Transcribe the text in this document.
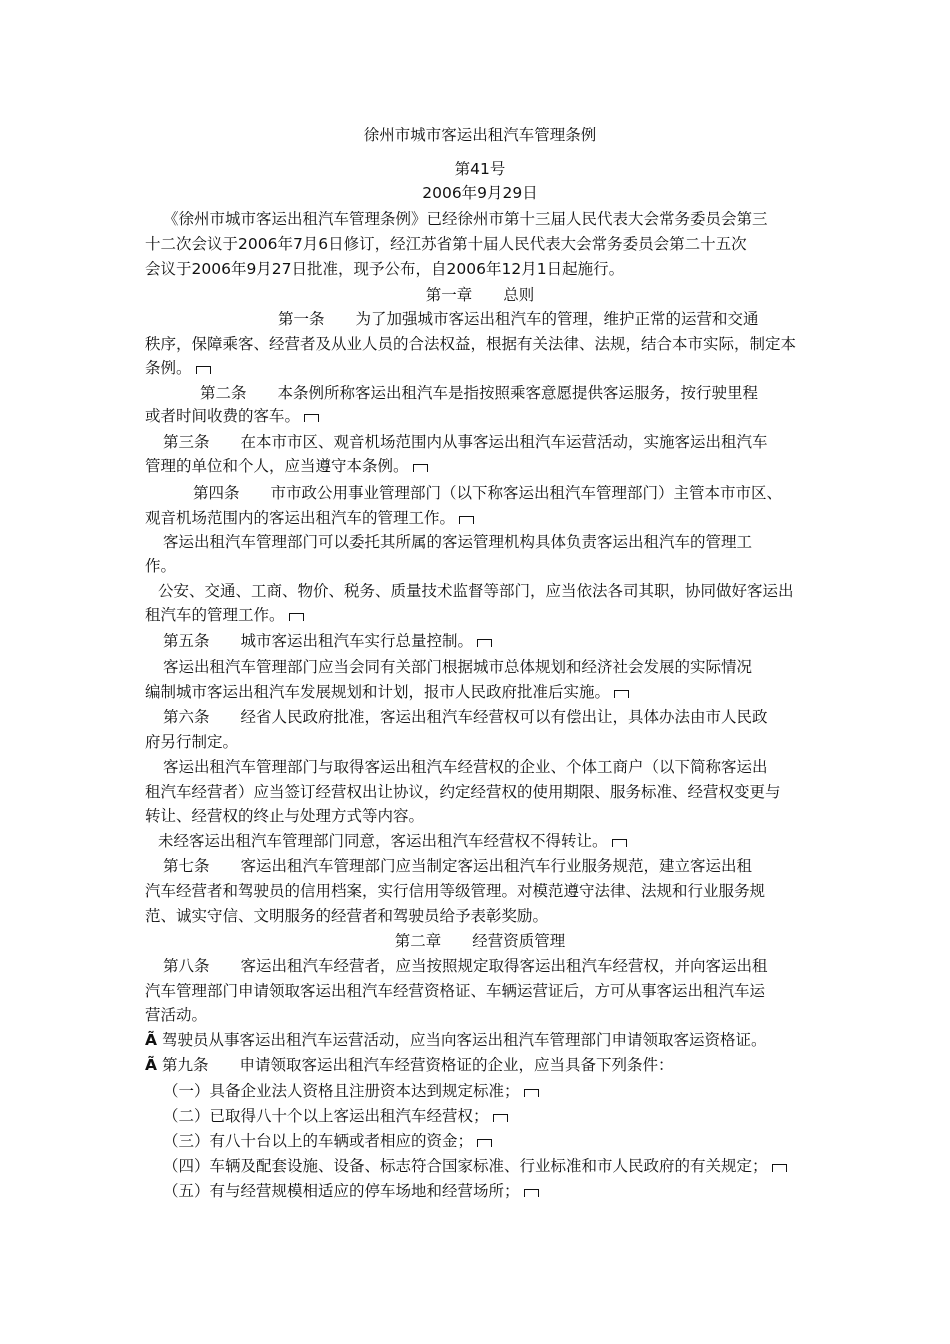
徐州市城市客运出租汽车管理条例
第41号
2006年9月29日
《徐州市城市客运出租汽车管理条例》已经徐州市第十三届人民代表大会常务委员会第三
十二次会议于2006年7月6日修订，经江苏省第十届人民代表大会常务委员会第二十五次
会议于2006年9月27日批准，现予公布，自2006年12月1日起施行。
第一章　　总则
第一条　　为了加强城市客运出租汽车的管理，维护正常的运营和交通
秩序，保障乘客、经营者及从业人员的合法权益，根据有关法律、法规，结合本市实际，制定本
条例。
第二条　　本条例所称客运出租汽车是指按照乘客意愿提供客运服务，按行驶里程
或者时间收费的客车。
第三条　　在本市市区、观音机场范围内从事客运出租汽车运营活动，实施客运出租汽车
管理的单位和个人，应当遵守本条例。
第四条　　市市政公用事业管理部门（以下称客运出租汽车管理部门）主管本市市区、
观音机场范围内的客运出租汽车的管理工作。
客运出租汽车管理部门可以委托其所属的客运管理机构具体负责客运出租汽车的管理工
作。
公安、交通、工商、物价、税务、质量技术监督等部门，应当依法各司其职，协同做好客运出
租汽车的管理工作。
第五条　　城市客运出租汽车实行总量控制。
客运出租汽车管理部门应当会同有关部门根据城市总体规划和经济社会发展的实际情况
编制城市客运出租汽车发展规划和计划，报市人民政府批准后实施。
第六条　　经省人民政府批准，客运出租汽车经营权可以有偿出让，具体办法由市人民政
府另行制定。
客运出租汽车管理部门与取得客运出租汽车经营权的企业、个体工商户（以下简称客运出
租汽车经营者）应当签订经营权出让协议，约定经营权的使用期限、服务标准、经营权变更与
转让、经营权的终止与处理方式等内容。
未经客运出租汽车管理部门同意，客运出租汽车经营权不得转让。
第七条　　客运出租汽车管理部门应当制定客运出租汽车行业服务规范，建立客运出租
汽车经营者和驾驶员的信用档案，实行信用等级管理。对模范遵守法律、法规和行业服务规
范、诚实守信、文明服务的经营者和驾驶员给予表彰奖励。
第二章　　经营资质管理
第八条　　客运出租汽车经营者，应当按照规定取得客运出租汽车经营权，并向客运出租
汽车管理部门申请领取客运出租汽车经营资格证、车辆运营证后，方可从事客运出租汽车运
营活动。
Ã 驾驶员从事客运出租汽车运营活动，应当向客运出租汽车管理部门申请领取客运资格证。
Ã 第九条　　申请领取客运出租汽车经营资格证的企业，应当具备下列条件：
（一）具备企业法人资格且注册资本达到规定标准；
（二）已取得八十个以上客运出租汽车经营权；
（三）有八十台以上的车辆或者相应的资金；
（四）车辆及配套设施、设备、标志符合国家标准、行业标准和市人民政府的有关规定；
（五）有与经营规模相适应的停车场地和经营场所；
